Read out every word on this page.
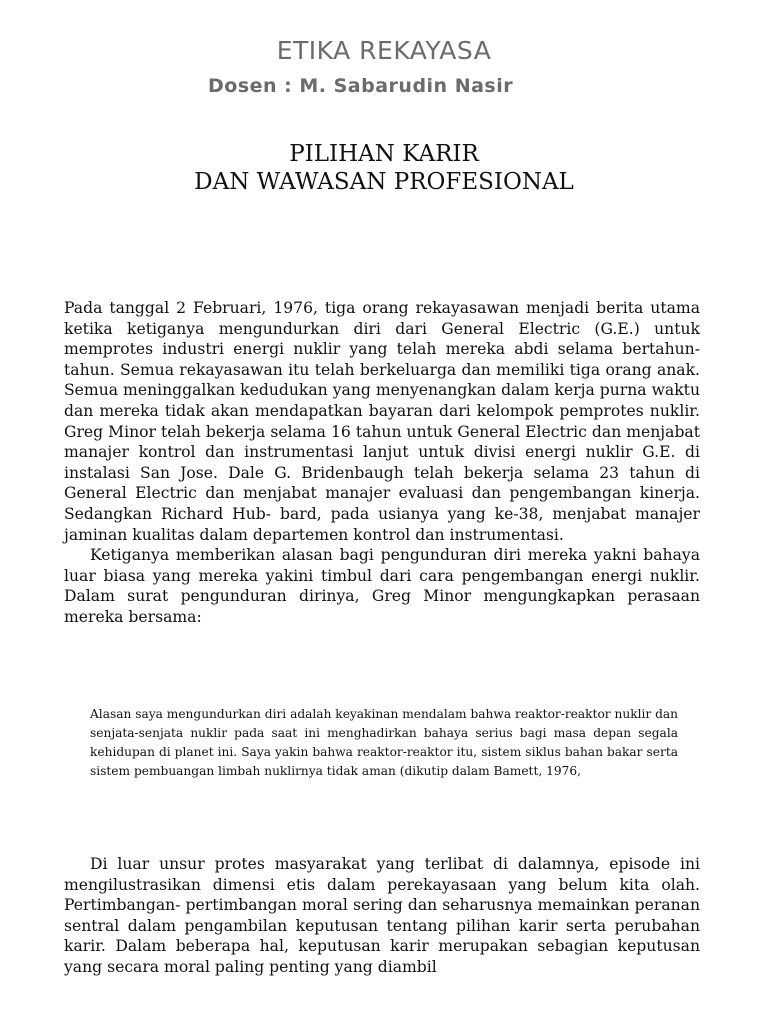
ETIKA REKAYASA
Dosen : M. Sabarudin Nasir
PILIHAN KARIR
DAN WAWASAN PROFESIONAL

Pada tanggal 2 Februari, 1976, tiga orang rekayasawan menjadi berita utama ketika ketiganya mengundurkan diri dari General Electric (G.E.) untuk memprotes industri energi nuklir yang telah mereka abdi selama bertahun-tahun. Semua rekayasawan itu telah berkeluarga dan memiliki tiga orang anak. Semua meninggalkan kedudukan yang menyenangkan dalam kerja purna waktu dan mereka tidak akan mendapatkan bayaran dari kelompok pemprotes nuklir. Greg Minor telah bekerja selama 16 tahun untuk General Electric dan menjabat manajer kontrol dan instrumentasi lanjut untuk divisi energi nuklir G.E. di instalasi San Jose. Dale G. Bridenbaugh telah bekerja selama 23 tahun di General Electric dan menjabat manajer evaluasi dan pengembangan kinerja. Sedangkan Richard Hub- bard, pada usianya yang ke-38, menjabat manajer jaminan kualitas dalam departemen kontrol dan instrumentasi.

Ketiganya memberikan alasan bagi pengunduran diri mereka yakni bahaya luar biasa yang mereka yakini timbul dari cara pengembangan energi nuklir. Dalam surat pengunduran dirinya, Greg Minor mengungkapkan perasaan mereka bersama:

Alasan saya mengundurkan diri adalah keyakinan mendalam bahwa reaktor-reaktor nuklir dan senjata-senjata nuklir pada saat ini menghadirkan bahaya serius bagi masa depan segala kehidupan di planet ini. Saya yakin bahwa reaktor-reaktor itu, sistem siklus bahan bakar serta sistem pembuangan limbah nuklirnya tidak aman (dikutip dalam Bamett, 1976,

Di luar unsur protes masyarakat yang terlibat di dalamnya, episode ini mengilustrasikan dimensi etis dalam perekayasaan yang belum kita olah. Pertimbangan- pertimbangan moral sering dan seharusnya memainkan peranan sentral dalam pengambilan keputusan tentang pilihan karir serta perubahan karir. Dalam beberapa hal, keputusan karir merupakan sebagian keputusan yang secara moral paling penting yang diambil
